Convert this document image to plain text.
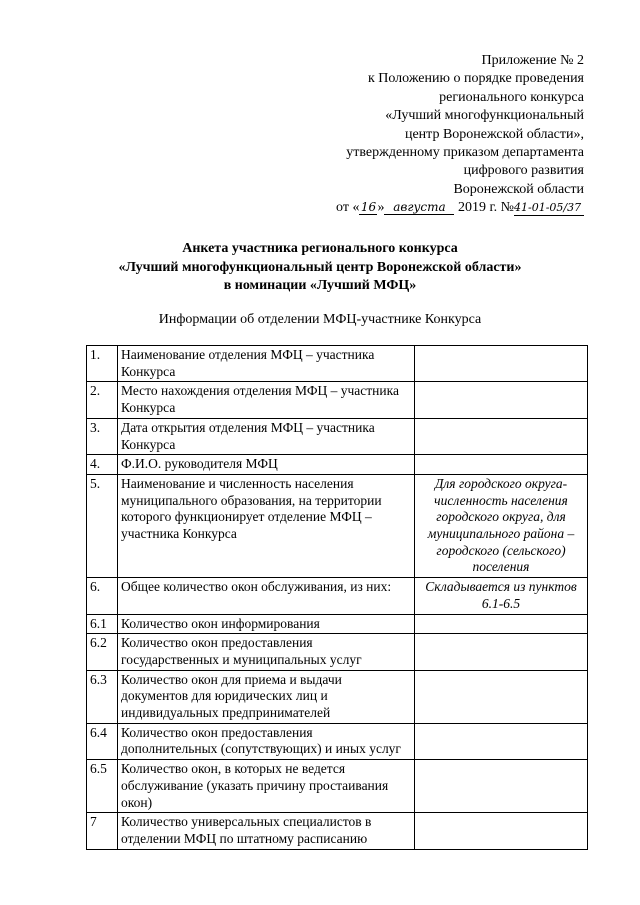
Приложение № 2
к Положению о порядке проведения
регионального конкурса
«Лучший многофункциональный
центр Воронежской области»,
утвержденному приказом департамента
цифрового развития
Воронежской области
от «16» августа 2019 г. №41-01-05/37
Анкета участника регионального конкурса
«Лучший многофункциональный центр Воронежской области»
в номинации «Лучший МФЦ»
Информации об отделении МФЦ-участнике Конкурса
1.	Наименование отделения МФЦ – участника Конкурса	
2.	Место нахождения отделения МФЦ – участника Конкурса	
3.	Дата открытия отделения МФЦ – участника Конкурса	
4.	Ф.И.О. руководителя МФЦ	
5.	Наименование и численность населения муниципального образования, на территории которого функционирует отделение МФЦ – участника Конкурса	Для городского округа- численность населения городского округа, для муниципального района – городского (сельского) поселения
6.	Общее количество окон обслуживания, из них:	Складывается из пунктов 6.1-6.5
6.1	Количество окон информирования	
6.2	Количество окон предоставления государственных и муниципальных услуг	
6.3	Количество окон для приема и выдачи документов для юридических лиц и индивидуальных предпринимателей	
6.4	Количество окон предоставления дополнительных (сопутствующих) и иных услуг	
6.5	Количество окон, в которых не ведется обслуживание (указать причину простаивания окон)	
7	Количество универсальных специалистов в отделении МФЦ по штатному расписанию	
